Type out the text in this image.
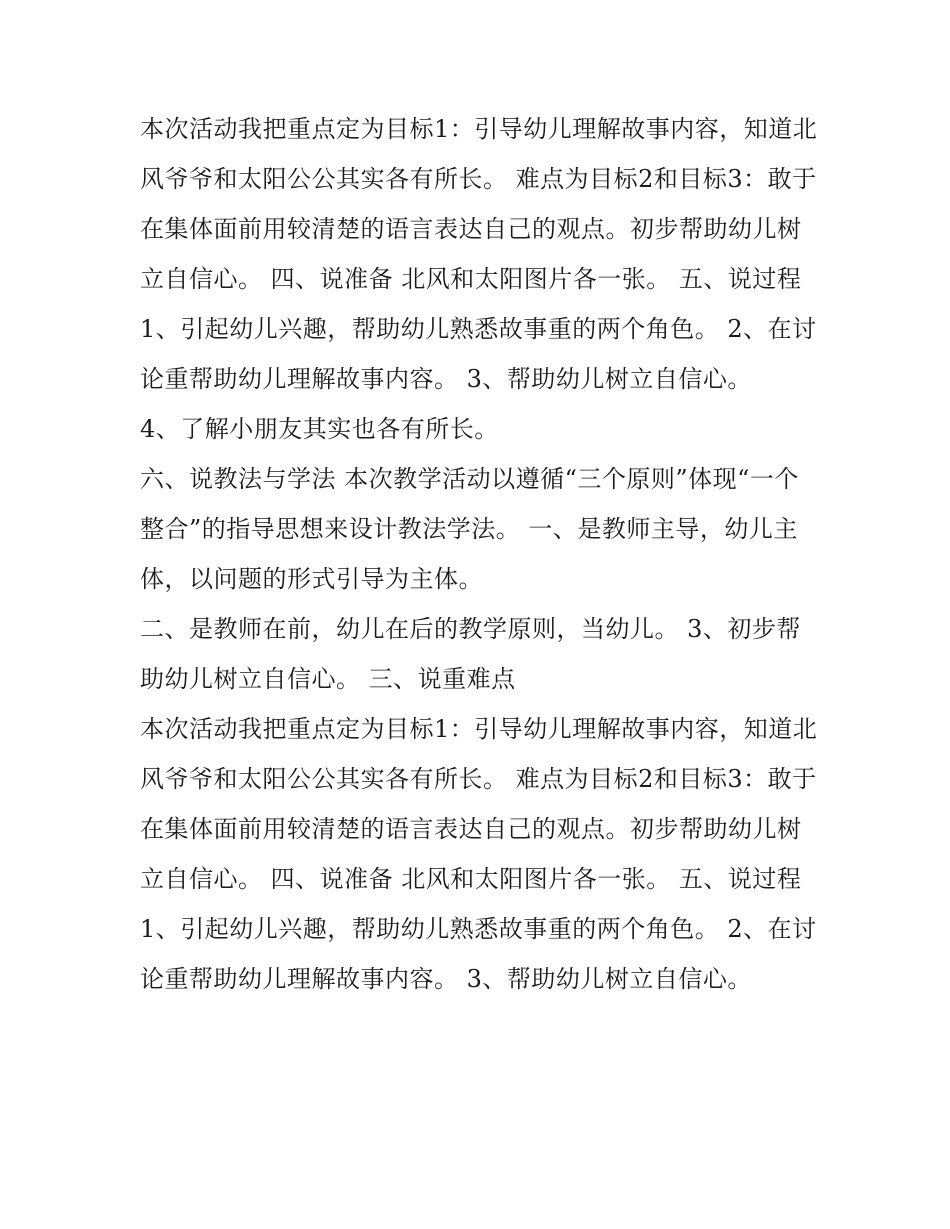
本次活动我把重点定为目标1：引导幼儿理解故事内容，知道北风爷爷和太阳公公其实各有所长。 难点为目标2和目标3：敢于在集体面前用较清楚的语言表达自己的观点。初步帮助幼儿树立自信心。 四、说准备 北风和太阳图片各一张。 五、说过程

1、引起幼儿兴趣，帮助幼儿熟悉故事重的两个角色。 2、在讨论重帮助幼儿理解故事内容。 3、帮助幼儿树立自信心。

4、了解小朋友其实也各有所长。

六、说教法与学法 本次教学活动以遵循“三个原则”体现“一个整合”的指导思想来设计教法学法。 一、是教师主导，幼儿主体，以问题的形式引导为主体。

二、是教师在前，幼儿在后的教学原则，当幼儿。 3、初步帮助幼儿树立自信心。 三、说重难点

本次活动我把重点定为目标1：引导幼儿理解故事内容，知道北风爷爷和太阳公公其实各有所长。 难点为目标2和目标3：敢于在集体面前用较清楚的语言表达自己的观点。初步帮助幼儿树立自信心。 四、说准备 北风和太阳图片各一张。 五、说过程

1、引起幼儿兴趣，帮助幼儿熟悉故事重的两个角色。 2、在讨论重帮助幼儿理解故事内容。 3、帮助幼儿树立自信心。
